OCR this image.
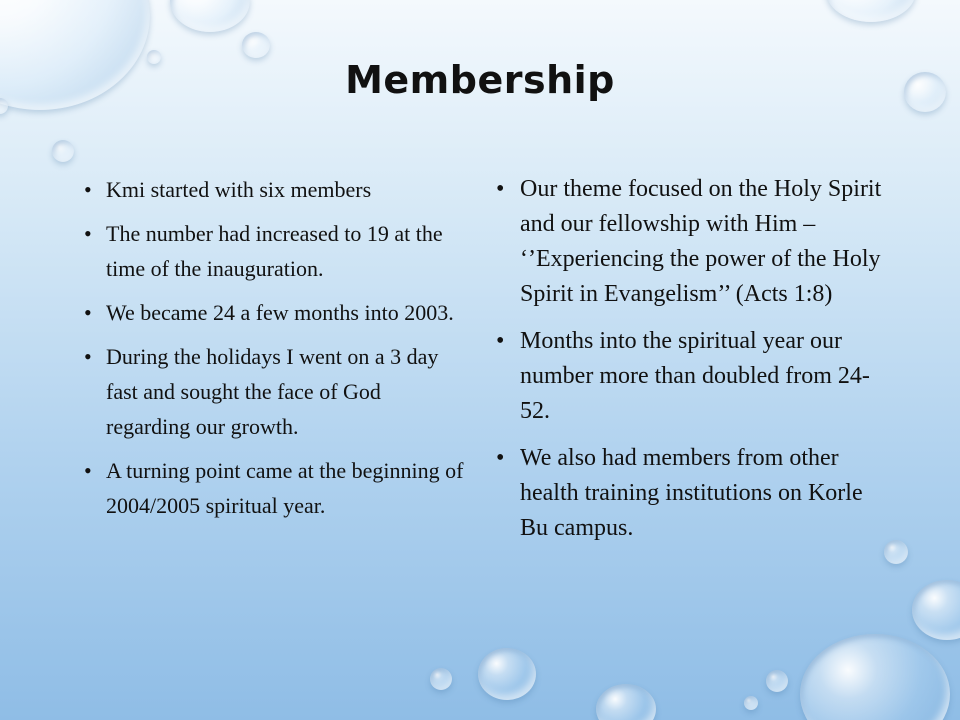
Membership
• Kmi started with six members
• The number had increased to 19 at the time of the inauguration.
• We became 24 a few months into 2003.
• During the holidays I went on a 3 day fast and sought the face of God regarding our growth.
• A turning point came at the beginning of 2004/2005 spiritual year.
• Our theme focused on the Holy Spirit and our fellowship with Him – ‘’Experiencing the power of the Holy Spirit in Evangelism’’ (Acts 1:8)
• Months into the spiritual year our number more than doubled from 24-52.
• We also had members from other health training institutions on Korle Bu campus.
